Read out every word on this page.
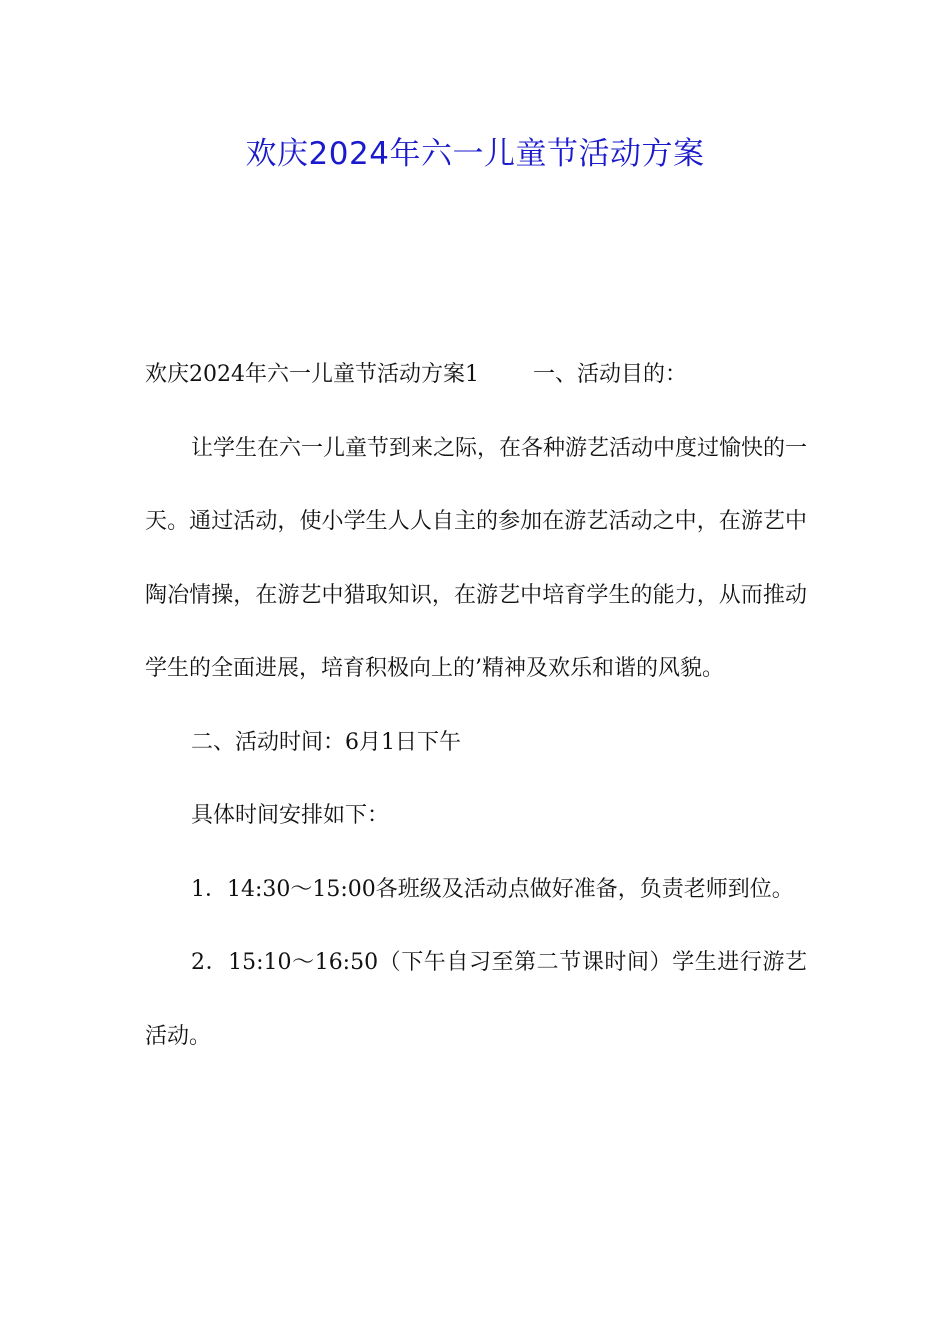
欢庆2024年六一儿童节活动方案

欢庆2024年六一儿童节活动方案1 一、活动目的：

让学生在六一儿童节到来之际，在各种游艺活动中度过愉快的一天。通过活动，使小学生人人自主的参加在游艺活动之中，在游艺中陶冶情操，在游艺中猎取知识，在游艺中培育学生的能力，从而推动学生的全面进展，培育积极向上的’精神及欢乐和谐的风貌。

二、活动时间：6月1日下午

具体时间安排如下：

1．14:30～15:00各班级及活动点做好准备，负责老师到位。

2．15:10～16:50（下午自习至第二节课时间）学生进行游艺活动。
